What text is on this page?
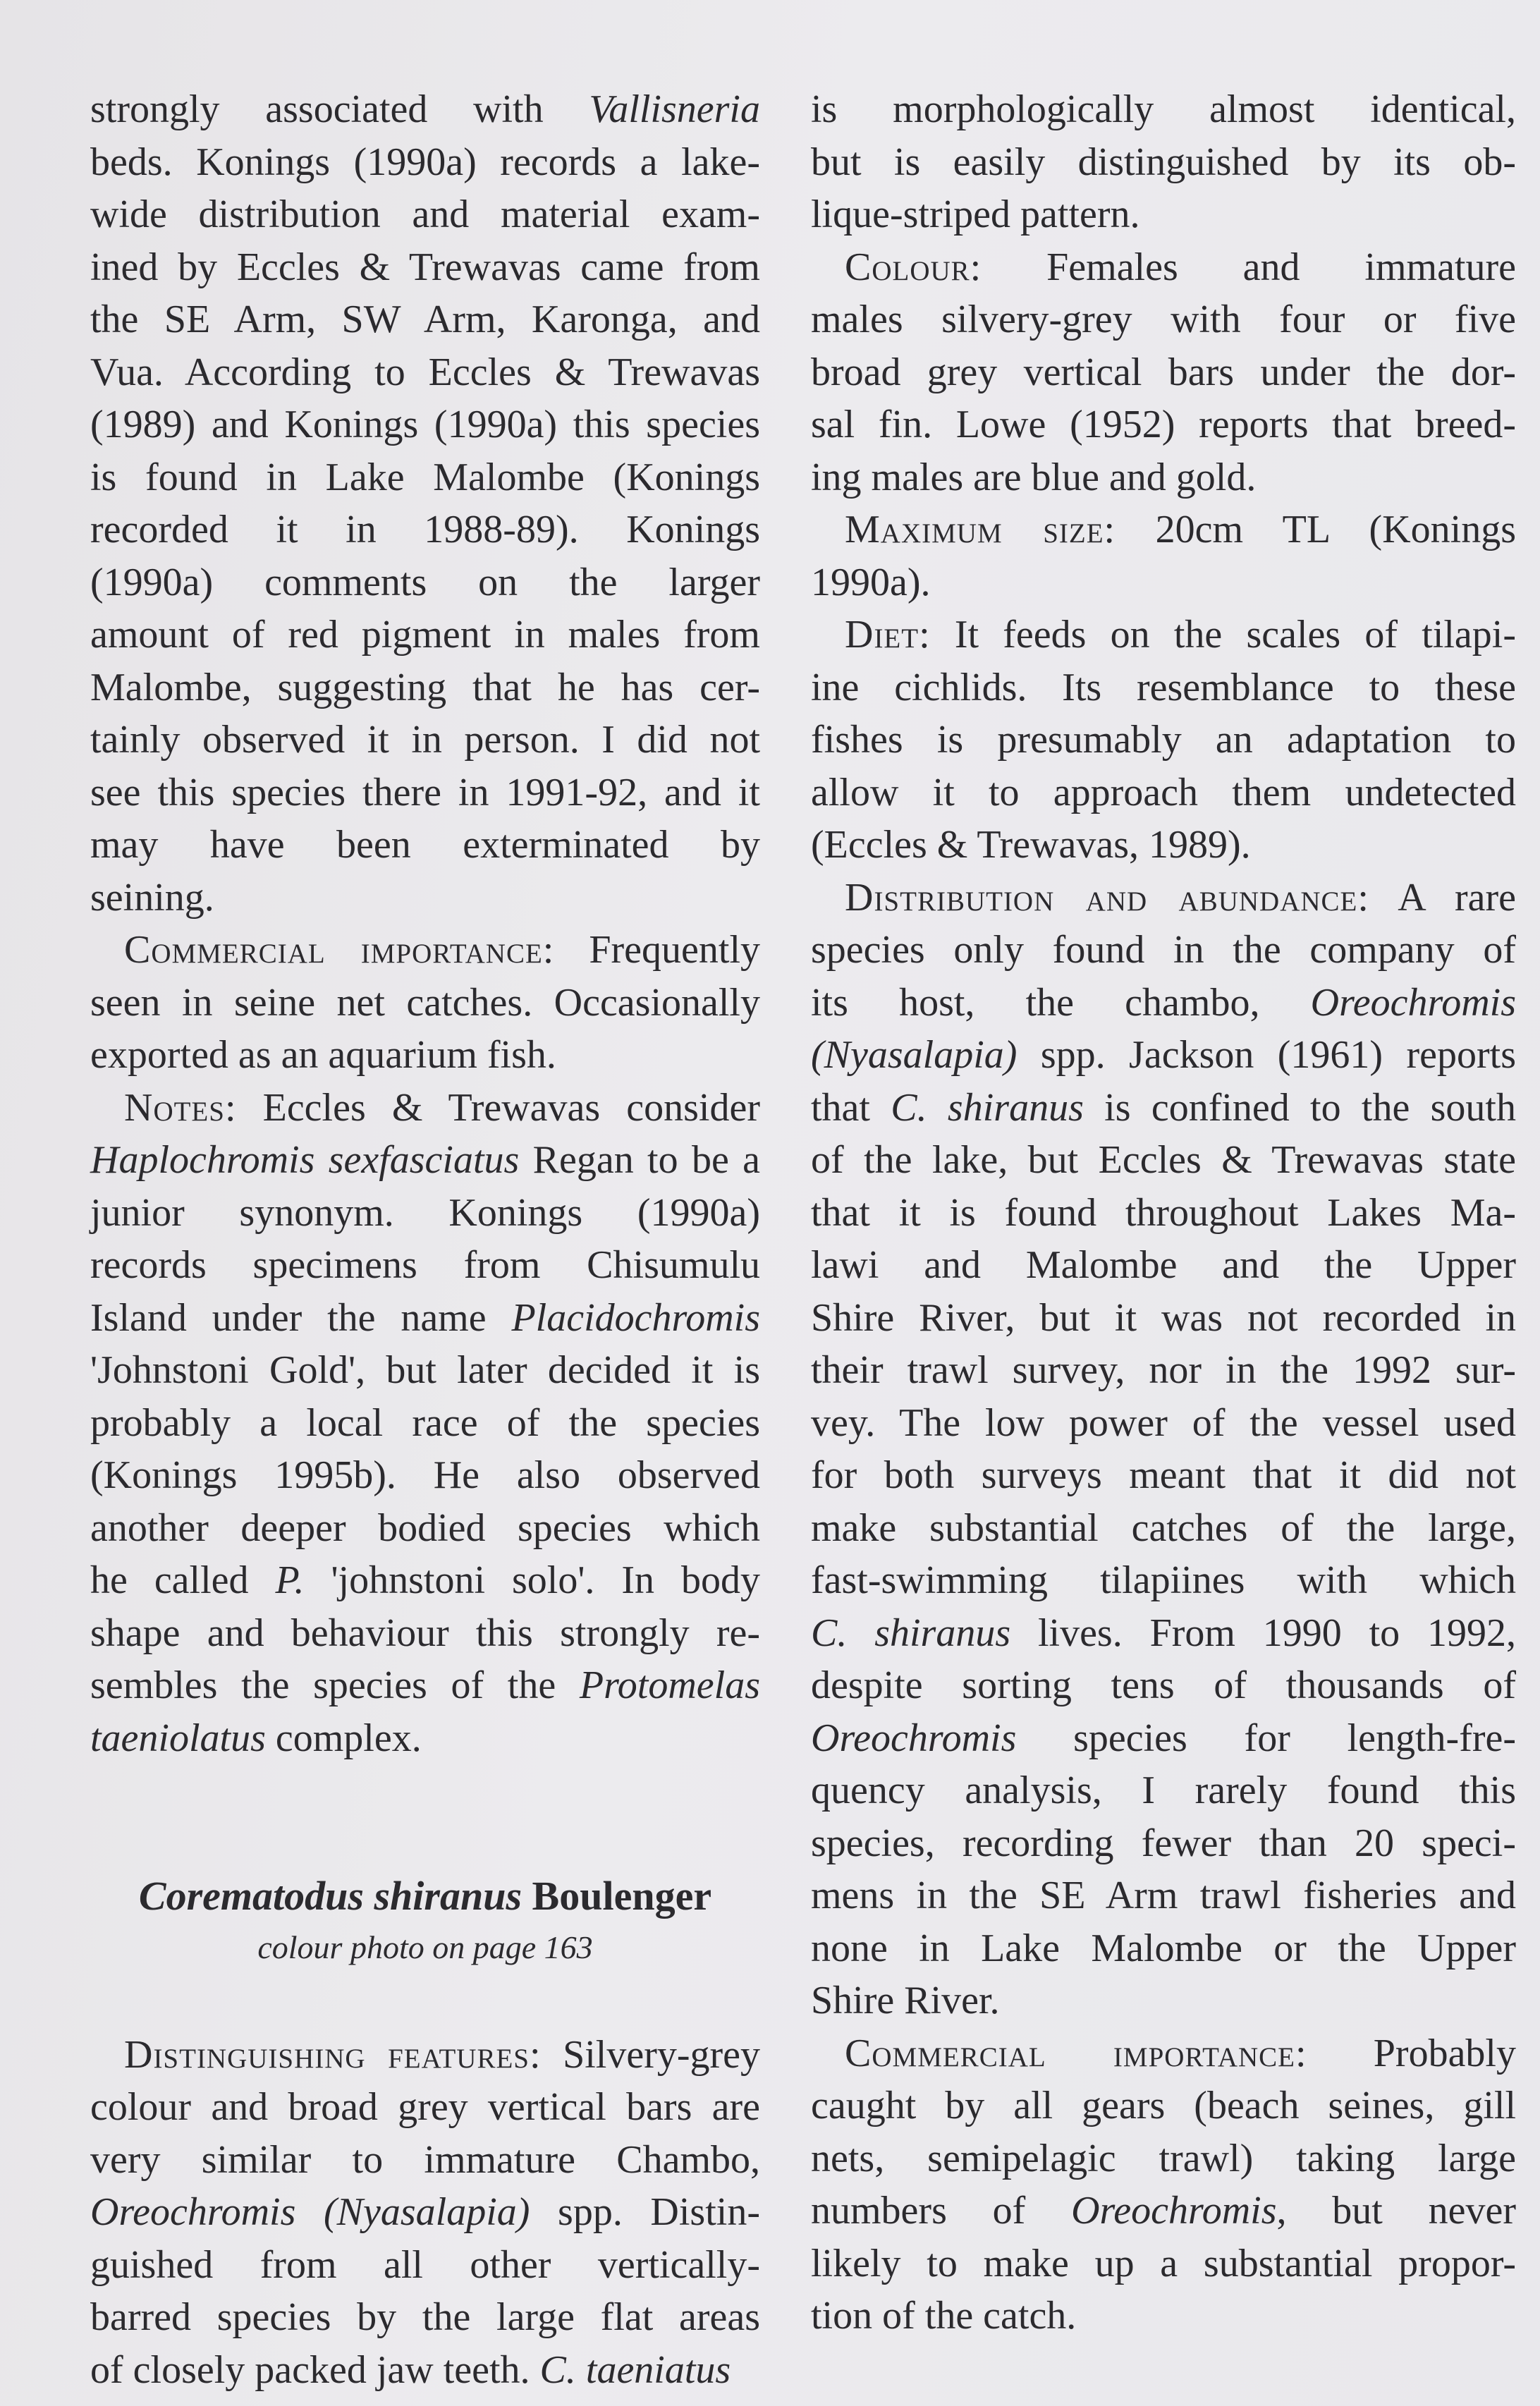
strongly associated with Vallisneria
beds. Konings (1990a) records a lake-
wide distribution and material exam-
ined by Eccles & Trewavas came from
the SE Arm, SW Arm, Karonga, and
Vua. According to Eccles & Trewavas
(1989) and Konings (1990a) this species
is found in Lake Malombe (Konings
recorded it in 1988-89). Konings
(1990a) comments on the larger
amount of red pigment in males from
Malombe, suggesting that he has cer-
tainly observed it in person. I did not
see this species there in 1991-92, and it
may have been exterminated by
seining.
Commercial importance: Frequently
seen in seine net catches. Occasionally
exported as an aquarium fish.
Notes: Eccles & Trewavas consider
Haplochromis sexfasciatus Regan to be a
junior synonym. Konings (1990a)
records specimens from Chisumulu
Island under the name Placidochromis
'Johnstoni Gold', but later decided it is
probably a local race of the species
(Konings 1995b). He also observed
another deeper bodied species which
he called P. 'johnstoni solo'. In body
shape and behaviour this strongly re-
sembles the species of the Protomelas
taeniolatus complex.
Corematodus shiranus Boulenger
colour photo on page 163
Distinguishing features: Silvery-grey
colour and broad grey vertical bars are
very similar to immature Chambo,
Oreochromis (Nyasalapia) spp. Distin-
guished from all other vertically-
barred species by the large flat areas
of closely packed jaw teeth. C. taeniatus
is morphologically almost identical,
but is easily distinguished by its ob-
lique-striped pattern.
Colour: Females and immature
males silvery-grey with four or five
broad grey vertical bars under the dor-
sal fin. Lowe (1952) reports that breed-
ing males are blue and gold.
Maximum size: 20cm TL (Konings
1990a).
Diet: It feeds on the scales of tilapi-
ine cichlids. Its resemblance to these
fishes is presumably an adaptation to
allow it to approach them undetected
(Eccles & Trewavas, 1989).
Distribution and abundance: A rare
species only found in the company of
its host, the chambo, Oreochromis
(Nyasalapia) spp. Jackson (1961) reports
that C. shiranus is confined to the south
of the lake, but Eccles & Trewavas state
that it is found throughout Lakes Ma-
lawi and Malombe and the Upper
Shire River, but it was not recorded in
their trawl survey, nor in the 1992 sur-
vey. The low power of the vessel used
for both surveys meant that it did not
make substantial catches of the large,
fast-swimming tilapiines with which
C. shiranus lives. From 1990 to 1992,
despite sorting tens of thousands of
Oreochromis species for length-fre-
quency analysis, I rarely found this
species, recording fewer than 20 speci-
mens in the SE Arm trawl fisheries and
none in Lake Malombe or the Upper
Shire River.
Commercial importance: Probably
caught by all gears (beach seines, gill
nets, semipelagic trawl) taking large
numbers of Oreochromis, but never
likely to make up a substantial propor-
tion of the catch.
